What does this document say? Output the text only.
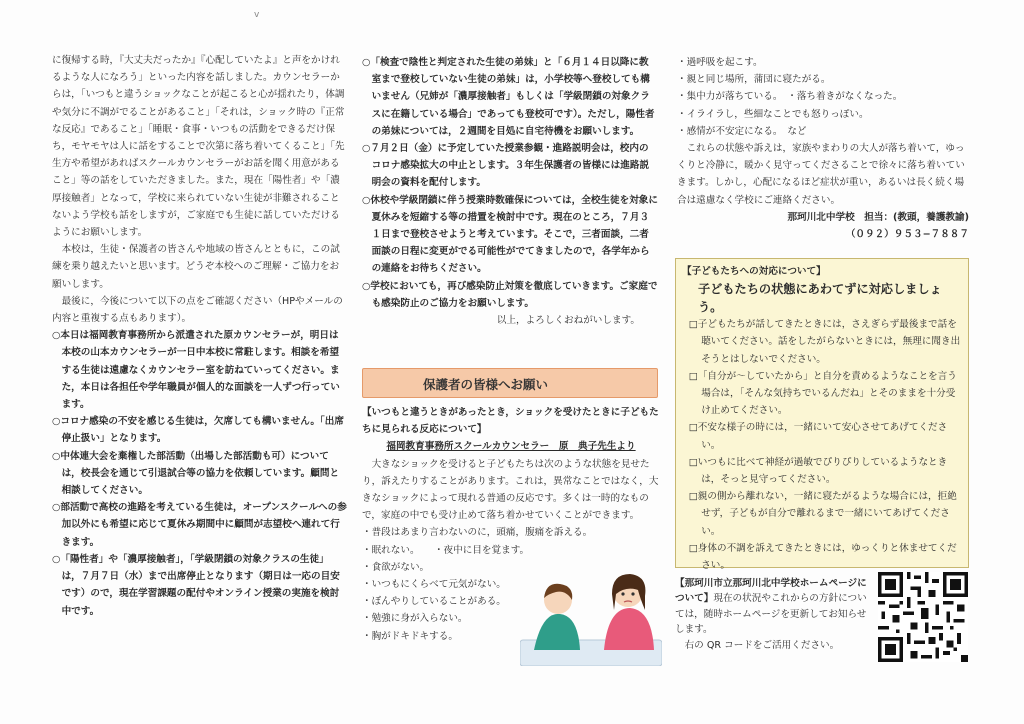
v

に復帰する時，『大丈夫だったか』『心配していたよ』と声をかけれるような人になろう」といった内容を話しました。カウンセラーからは，「いつもと違うショックなことが起こると心が揺れたり，体調や気分に不調がでることがあること」「それは，ショック時の『正常な反応』であること」「睡眠・食事・いつもの活動をできるだけ保ち，モヤモヤは人に話をすることで次第に落ち着いてくること」「先生方や希望があればスクールカウンセラーがお話を聞く用意があること」等の話をしていただきました。また，現在「陽性者」や「濃厚接触者」となって，学校に来られていない生徒が非難されることないよう学校も話をしますが，ご家庭でも生徒に話していただけるようにお願いします。

本校は，生徒・保護者の皆さんや地域の皆さんとともに，この試練を乗り越えたいと思います。どうぞ本校へのご理解・ご協力をお願いします。

最後に，今後について以下の点をご確認ください（HPやメールの内容と重複する点もあります）。

○本日は福岡教育事務所から派遣された原カウンセラーが，明日は本校の山本カウンセラーが一日中本校に常駐します。相談を希望する生徒は遠慮なくカウンセラー室を訪ねていってください。また，本日は各担任や学年職員が個人的な面談を一人ずつ行っています。

○コロナ感染の不安を感じる生徒は，欠席しても構いません。「出席停止扱い」となります。

○中体連大会を棄権した部活動（出場した部活動も可）については，校長会を通じて引退試合等の協力を依頼しています。顧問と相談してください。

○部活動で高校の進路を考えている生徒は，オープンスクールへの参加以外にも希望に応じて夏休み期間中に顧問が志望校へ連れて行きます。

○「陽性者」や「濃厚接触者」，「学級閉鎖の対象クラスの生徒」は，７月７日（水）まで出席停止となります（期日は一応の目安です）ので，現在学習課題の配付やオンライン授業の実施を検討中です。

○「検査で陰性と判定された生徒の弟妹」と「６月１４日以降に教室まで登校していない生徒の弟妹」は，小学校等へ登校しても構いません（兄姉が「濃厚接触者」もしくは「学級閉鎖の対象クラスに在籍している場合」であっても登校可です）。ただし，陽性者の弟妹については，２週間を目処に自宅待機をお願いします。

○７月２日（金）に予定していた授業参観・進路説明会は，校内のコロナ感染拡大の中止とします。３年生保護者の皆様には進路説明会の資料を配付します。

○休校や学級閉鎖に伴う授業時数確保については，全校生徒を対象に夏休みを短縮する等の措置を検討中です。現在のところ，７月３１日まで登校させようと考えています。そこで，三者面談，二者面談の日程に変更がでる可能性がでてきましたので，各学年からの連絡をお待ちください。

○学校においても，再び感染防止対策を徹底していきます。ご家庭でも感染防止のご協力をお願いします。

以上，よろしくおねがいします。

保護者の皆様へお願い

【いつもと違うときがあったとき，ショックを受けたときに子どもたちに見られる反応について】

福岡教育事務所スクールカウンセラー　原　典子先生より

大きなショックを受けると子どもたちは次のような状態を見せたり，訴えたりすることがあります。これは，異常なことではなく，大きなショックによって現れる普通の反応です。多くは一時的なもので，家庭の中でも受け止めて落ち着かせていくことができます。

・普段はあまり言わないのに，頭痛，腹痛を訴える。

・眠れない。　　・夜中に目を覚ます。

・食欲がない。

・いつもにくらべて元気がない。

・ぼんやりしていることがある。

・勉強に身が入らない。

・胸がドキドキする。

・過呼吸を起こす。

・親と同じ場所，蒲団に寝たがる。

・集中力が落ちている。　・落ち着きがなくなった。

・イライラし，些細なことでも怒りっぽい。

・感情が不安定になる。　など

これらの状態や訴えは，家族やまわりの大人が落ち着いて，ゆっくりと冷静に，暖かく見守ってくださることで徐々に落ち着いていきます。しかし，心配になるほど症状が重い，あるいは長く続く場合は遠慮なく学校にご連絡ください。

那珂川北中学校　担当：(教頭，養護教諭)

（０９２）９５３−７８８７

【子どもたちへの対応について】

子どもたちの状態にあわてずに対応しましょう。

□子どもたちが話してきたときには，さえぎらず最後まで話を聴いてください。話をしたがらないときには，無理に聞き出そうとはしないでください。

□「自分が〜していたから」と自分を責めるようなことを言う場合は，「そんな気持ちでいるんだね」とそのままを十分受け止めてください。

□不安な様子の時には，一緒にいて安心させてあげてください。

□いつもに比べて神経が過敏でぴりぴりしているようなときは，そっと見守ってください。

□親の側から離れない，一緒に寝たがるような場合には，拒絶せず，子どもが自分で離れるまで一緒にいてあげてください。

□身体の不調を訴えてきたときには，ゆっくりと休ませてください。

【那珂川市立那珂川北中学校ホームページについて】現在の状況やこれからの方針については，随時ホームページを更新してお知らせします。
右の QR コードをご活用ください。
